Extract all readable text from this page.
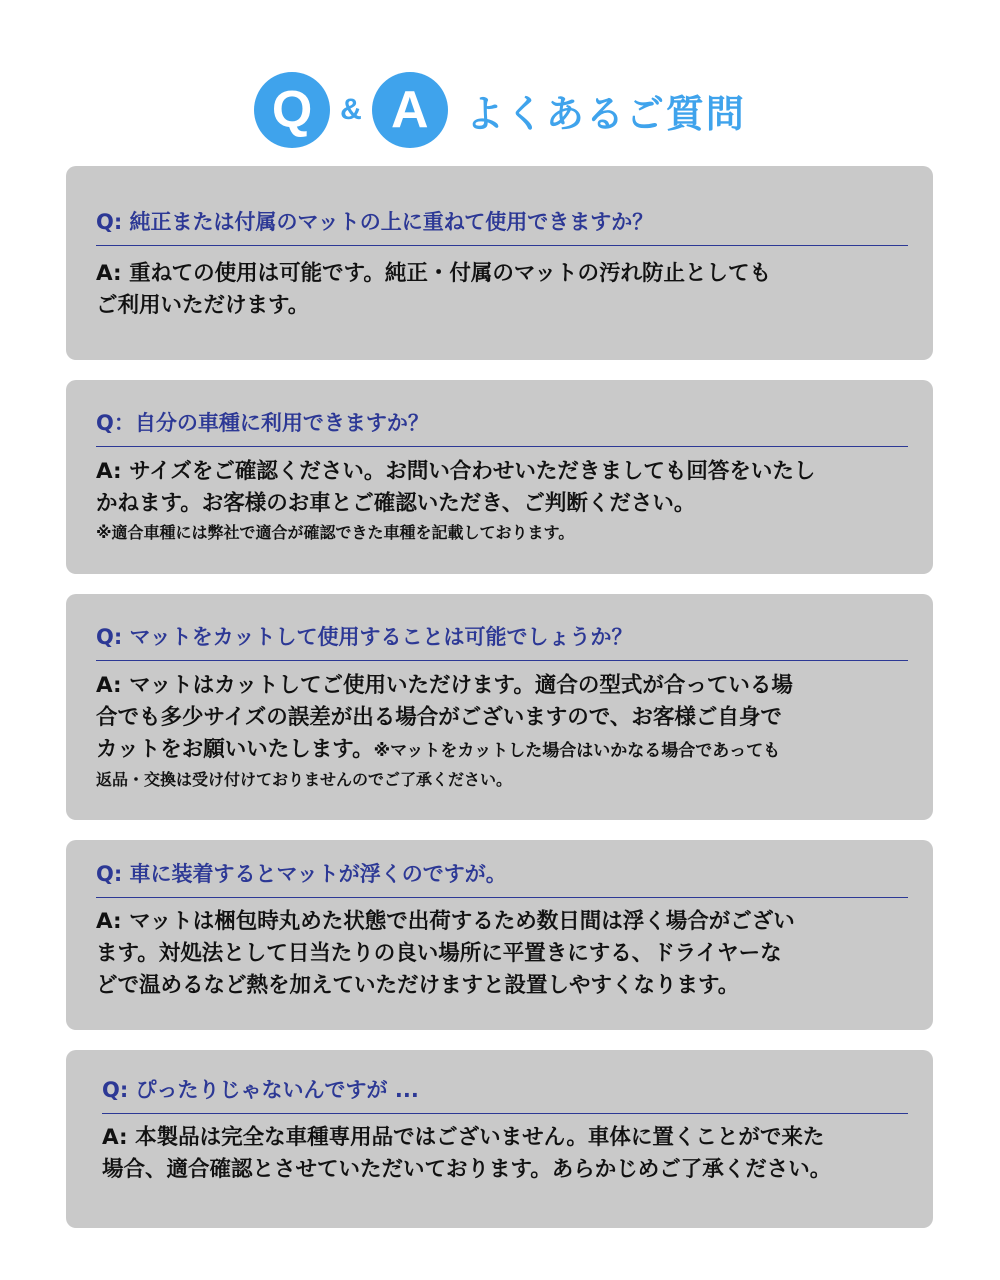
Q & A よくあるご質問
Q: 純正または付属のマットの上に重ねて使用できますか？
A: 重ねての使用は可能です。純正・付属のマットの汚れ防止としても
ご利用いただけます。
Q：自分の車種に利用できますか？
A: サイズをご確認ください。お問い合わせいただきましても回答をいたし
かねます。お客様のお車とご確認いただき、ご判断ください。
※適合車種には弊社で適合が確認できた車種を記載しております。
Q: マットをカットして使用することは可能でしょうか？
A: マットはカットしてご使用いただけます。適合の型式が合っている場
合でも多少サイズの誤差が出る場合がございますので、お客様ご自身で
カットをお願いいたします。※マットをカットした場合はいかなる場合であっても
返品・交換は受け付けておりませんのでご了承ください。
Q: 車に装着するとマットが浮くのですが。
A: マットは梱包時丸めた状態で出荷するため数日間は浮く場合がござい
ます。対処法として日当たりの良い場所に平置きにする、ドライヤーな
どで温めるなど熱を加えていただけますと設置しやすくなります。
Q: ぴったりじゃないんですが ...
A: 本製品は完全な車種専用品ではございません。車体に置くことがで来た
場合、適合確認とさせていただいております。あらかじめご了承ください。
